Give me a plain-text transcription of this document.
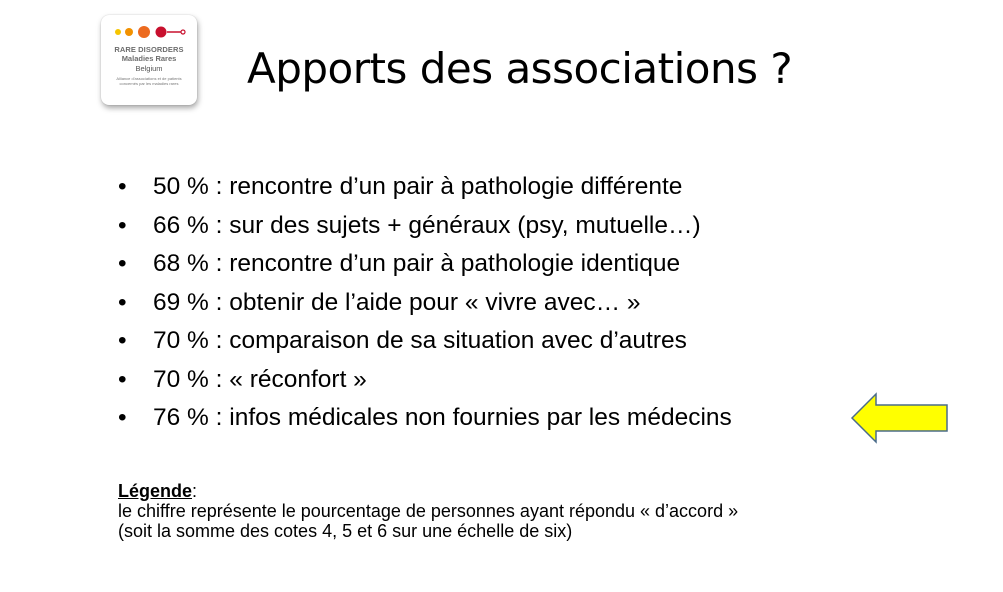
RARE DISORDERS
Maladies Rares
Belgium
Alliance d'associations et de patients concernés par les maladies rares Apports des associations ?
• 50 % : rencontre d’un pair à pathologie différente
• 66 % : sur des sujets + généraux (psy, mutuelle…)
• 68 % : rencontre d’un pair à pathologie identique
• 69 % : obtenir de l’aide pour « vivre avec… »
• 70 % : comparaison de sa situation avec d’autres
• 70 % : « réconfort »
• 76 % : infos médicales non fournies par les médecins
Légende:
le chiffre représente le pourcentage de personnes ayant répondu « d’accord »
(soit la somme des cotes 4, 5 et 6 sur une échelle de six)
